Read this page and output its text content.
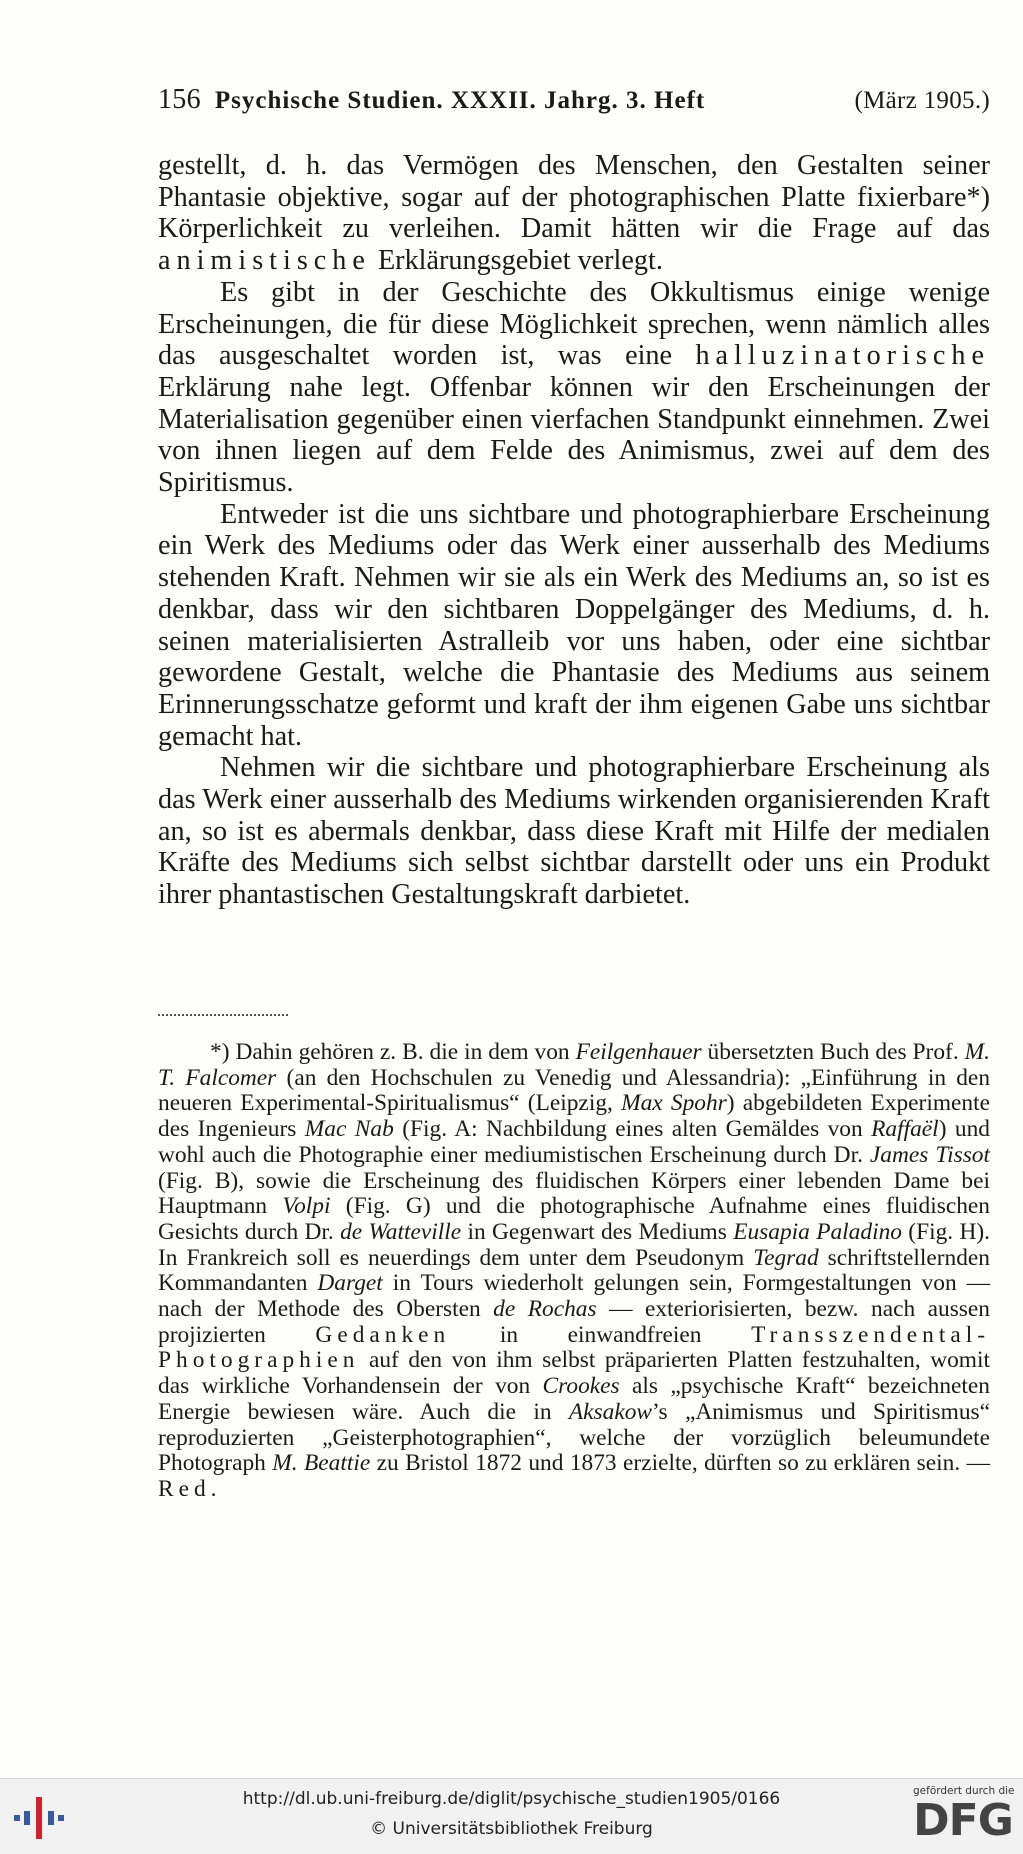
156 Psychische Studien. XXXII. Jahrg. 3. Heft	(März 1905.)

gestellt, d. h. das Vermögen des Menschen, den Gestalten seiner Phantasie objektive, sogar auf der photographischen Platte fixierbare*) Körperlichkeit zu verleihen. Damit hätten wir die Frage auf das animistische Erklärungsgebiet verlegt.

Es gibt in der Geschichte des Okkultismus einige wenige Erscheinungen, die für diese Möglichkeit sprechen, wenn nämlich alles das ausgeschaltet worden ist, was eine halluzinatorische Erklärung nahe legt. Offenbar können wir den Erscheinungen der Materialisation gegenüber einen vierfachen Standpunkt einnehmen. Zwei von ihnen liegen auf dem Felde des Animismus, zwei auf dem des Spiritismus.

Entweder ist die uns sichtbare und photographierbare Erscheinung ein Werk des Mediums oder das Werk einer ausserhalb des Mediums stehenden Kraft. Nehmen wir sie als ein Werk des Mediums an, so ist es denkbar, dass wir den sichtbaren Doppelgänger des Mediums, d. h. seinen materialisierten Astralleib vor uns haben, oder eine sichtbar gewordene Gestalt, welche die Phantasie des Mediums aus seinem Erinnerungsschatze geformt und kraft der ihm eigenen Gabe uns sichtbar gemacht hat.

Nehmen wir die sichtbare und photographierbare Erscheinung als das Werk einer ausserhalb des Mediums wirkenden organisierenden Kraft an, so ist es abermals denkbar, dass diese Kraft mit Hilfe der medialen Kräfte des Mediums sich selbst sichtbar darstellt oder uns ein Produkt ihrer phantastischen Gestaltungskraft darbietet.

*) Dahin gehören z. B. die in dem von Feilgenhauer übersetzten Buch des Prof. M. T. Falcomer (an den Hochschulen zu Venedig und Alessandria): „Einführung in den neueren Experimental-Spiritualismus“ (Leipzig, Max Spohr) abgebildeten Experimente des Ingenieurs Mac Nab (Fig. A: Nachbildung eines alten Gemäldes von Raffaël) und wohl auch die Photographie einer mediumistischen Erscheinung durch Dr. James Tissot (Fig. B), sowie die Erscheinung des fluidischen Körpers einer lebenden Dame bei Hauptmann Volpi (Fig. G) und die photographische Aufnahme eines fluidischen Gesichts durch Dr. de Watteville in Gegenwart des Mediums Eusapia Paladino (Fig. H). In Frankreich soll es neuerdings dem unter dem Pseudonym Tegrad schriftstellernden Kommandanten Darget in Tours wiederholt gelungen sein, Formgestaltungen von — nach der Methode des Obersten de Rochas — exteriorisierten, bezw. nach aussen projizierten Gedanken in einwandfreien Transszendental-Photographien auf den von ihm selbst präparierten Platten festzuhalten, womit das wirkliche Vorhandensein der von Crookes als „psychische Kraft“ bezeichneten Energie bewiesen wäre. Auch die in Aksakow’s „Animismus und Spiritismus“ reproduzierten „Geisterphotographien“, welche der vorzüglich beleumundete Photograph M. Beattie zu Bristol 1872 und 1873 erzielte, dürften so zu erklären sein. — Red.

http://dl.ub.uni-freiburg.de/diglit/psychische_studien1905/0166
© Universitätsbibliothek Freiburg
gefördert durch die
DFG
